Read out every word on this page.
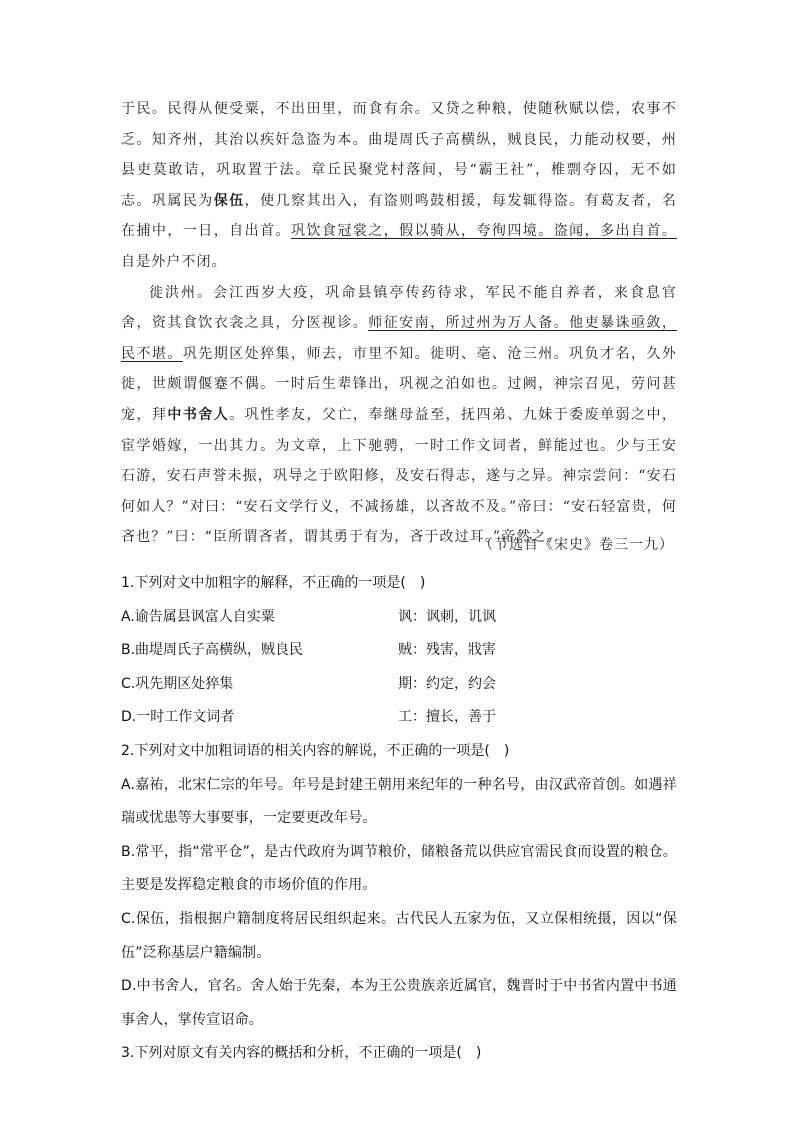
于民。民得从便受粟，不出田里，而食有余。又贷之种粮，使随秋赋以偿，农事不乏。知齐州，其治以疾奸急盗为本。曲堤周氏子高横纵，贼良民，力能动权要，州县吏莫敢诘，巩取置于法。章丘民聚党村落间，号“霸王社”，椎剽夺囚，无不如志。巩属民为保伍，使几察其出入，有盗则鸣鼓相援，每发辄得盗。有葛友者，名在捕中，一日，自出首。巩饮食冠裳之，假以骑从，夸徇四境。盗闻，多出自首。自是外户不闭。

徙洪州。会江西岁大疫，巩命县镇亭传药待求，军民不能自养者，来食息官舍，资其食饮衣衾之具，分医视诊。师征安南，所过州为万人备。他吏暴诛亟敛，民不堪。巩先期区处猝集，师去，市里不知。徙明、亳、沧三州。巩负才名，久外徙，世颇谓偃蹇不偶。一时后生辈锋出，巩视之泊如也。过阙，神宗召见，劳问甚宠，拜中书舍人。巩性孝友，父亡，奉继母益至，抚四弟、九妹于委废单弱之中，宦学婚嫁，一出其力。为文章，上下驰骋，一时工作文词者，鲜能过也。少与王安石游，安石声誉未振，巩导之于欧阳修，及安石得志，遂与之异。神宗尝问：“安石何如人？”对曰：“安石文学行义，不减扬雄，以吝故不及。”帝曰：“安石轻富贵，何吝也？”曰：“臣所谓吝者，谓其勇于有为，吝于改过耳。”帝然之。

（节选自《宋史》卷三一九）
1.下列对文中加粗字的解释，不正确的一项是(　)
A.谕告属县讽富人自实粟	讽：讽刺，讥讽
B.曲堤周氏子高横纵，贼良民	贼：残害，戕害
C.巩先期区处猝集	期：约定，约会
D.一时工作文词者	工：擅长，善于
2.下列对文中加粗词语的相关内容的解说，不正确的一项是(　)

A.嘉祐，北宋仁宗的年号。年号是封建王朝用来纪年的一种名号，由汉武帝首创。如遇祥瑞或忧患等大事要事，一定要更改年号。

B.常平，指“常平仓”，是古代政府为调节粮价，储粮备荒以供应官需民食而设置的粮仓。主要是发挥稳定粮食的市场价值的作用。

C.保伍，指根据户籍制度将居民组织起来。古代民人五家为伍，又立保相统摄，因以“保伍”泛称基层户籍编制。

D.中书舍人，官名。舍人始于先秦，本为王公贵族亲近属官，魏晋时于中书省内置中书通事舍人，掌传宣诏命。

3.下列对原文有关内容的概括和分析，不正确的一项是(　)
